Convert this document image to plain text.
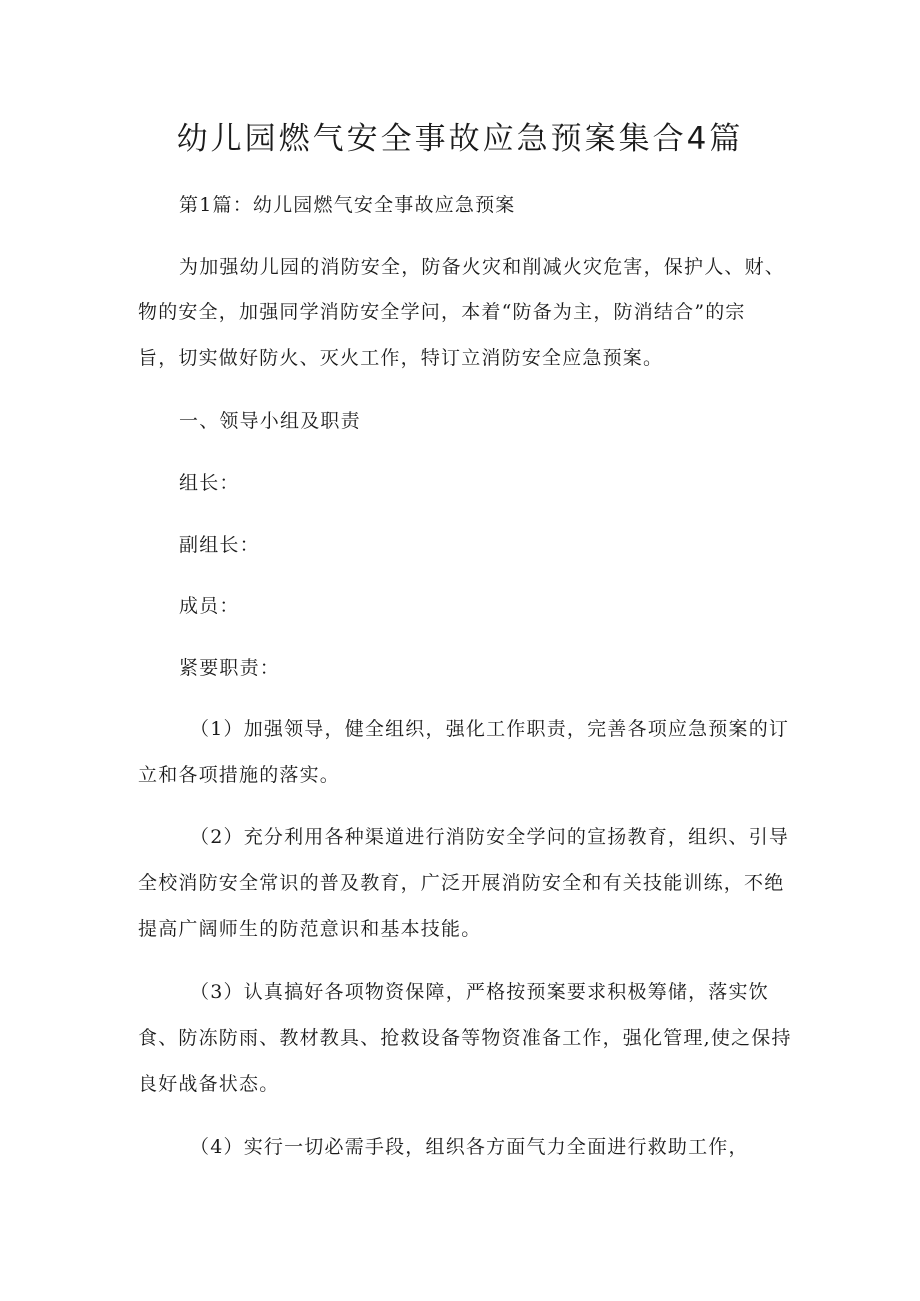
幼儿园燃气安全事故应急预案集合4篇
第1篇：幼儿园燃气安全事故应急预案
为加强幼儿园的消防安全，防备火灾和削减火灾危害，保护人、财、
物的安全，加强同学消防安全学问，本着“防备为主，防消结合”的宗
旨，切实做好防火、灭火工作，特订立消防安全应急预案。
一、领导小组及职责
组长：
副组长：
成员：
紧要职责：
（1）加强领导，健全组织，强化工作职责，完善各项应急预案的订
立和各项措施的落实。
（2）充分利用各种渠道进行消防安全学问的宣扬教育，组织、引导
全校消防安全常识的普及教育，广泛开展消防安全和有关技能训练，不绝
提高广阔师生的防范意识和基本技能。
（3）认真搞好各项物资保障，严格按预案要求积极筹储，落实饮
食、防冻防雨、教材教具、抢救设备等物资准备工作，强化管理,使之保持
良好战备状态。
（4）实行一切必需手段，组织各方面气力全面进行救助工作，
